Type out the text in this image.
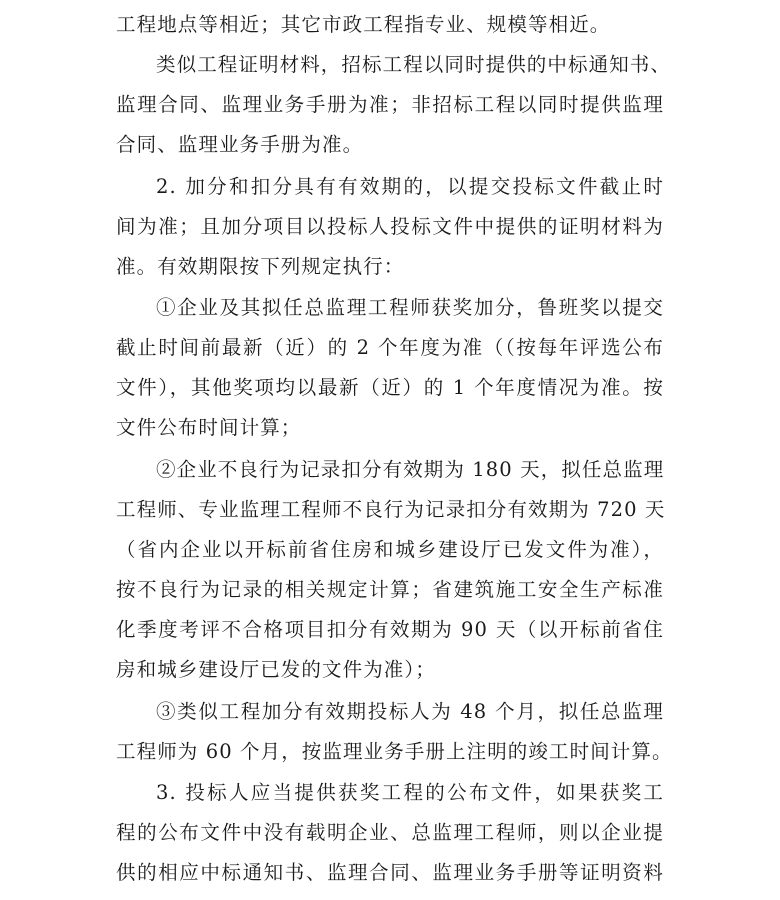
工程地点等相近；其它市政工程指专业、规模等相近。
类似工程证明材料，招标工程以同时提供的中标通知书、
监理合同、监理业务手册为准；非招标工程以同时提供监理
合同、监理业务手册为准。
2. 加分和扣分具有有效期的，以提交投标文件截止时
间为准；且加分项目以投标人投标文件中提供的证明材料为
准。有效期限按下列规定执行：
①企业及其拟任总监理工程师获奖加分，鲁班奖以提交
截止时间前最新（近）的 2 个年度为准（（按每年评选公布
文件），其他奖项均以最新（近）的 1 个年度情况为准。按
文件公布时间计算；
②企业不良行为记录扣分有效期为 180 天，拟任总监理
工程师、专业监理工程师不良行为记录扣分有效期为 720 天
（省内企业以开标前省住房和城乡建设厅已发文件为准），
按不良行为记录的相关规定计算；省建筑施工安全生产标准
化季度考评不合格项目扣分有效期为 90 天（以开标前省住
房和城乡建设厅已发的文件为准）；
③类似工程加分有效期投标人为 48 个月，拟任总监理
工程师为 60 个月，按监理业务手册上注明的竣工时间计算。
3. 投标人应当提供获奖工程的公布文件，如果获奖工
程的公布文件中没有载明企业、总监理工程师，则以企业提
供的相应中标通知书、监理合同、监理业务手册等证明资料
